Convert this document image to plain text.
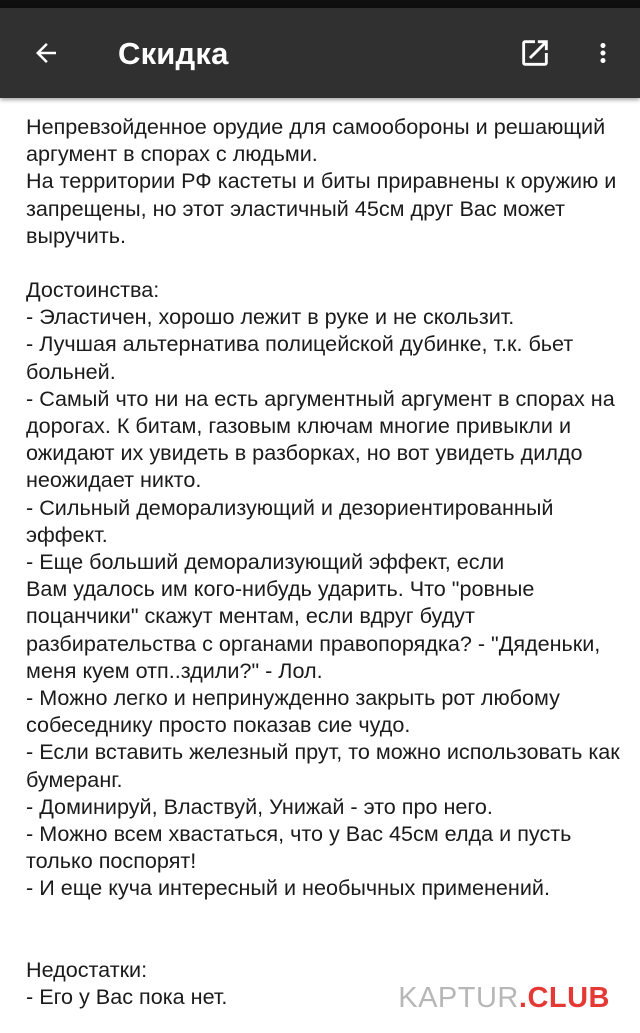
Скидка

Непревзойденное орудие для самообороны и решающий аргумент в спорах с людьми.
На территории РФ кастеты и биты приравнены к оружию и запрещены, но этот эластичный 45см друг Вас может выручить.

Достоинства:

- Эластичен, хорошо лежит в руке и не скользит.

- Лучшая альтернатива полицейской дубинке, т.к. бьет больней.

- Самый что ни на есть аргументный аргумент в спорах на дорогах. К битам, газовым ключам многие привыкли и ожидают их увидеть в разборках, но вот увидеть дилдо неожидает никто.

- Сильный деморализующий и дезориентированный эффект.

- Еще больший деморализующий эффект, если
Вам удалось им кого-нибудь ударить. Что "ровные поцанчики" скажут ментам, если вдруг будут разбирательства с органами правопорядка? - "Дяденьки, меня куем отп..здили?" - Лол.

- Можно легко и непринужденно закрыть рот любому собеседнику просто показав сие чудо.

- Если вставить железный прут, то можно использовать как бумеранг.

- Доминируй, Властвуй, Унижай - это про него.

- Можно всем хвастаться, что у Вас 45см елда и пусть только поспорят!

- И еще куча интересный и необычных применений.

Недостатки:

- Его у Вас пока нет.	KAPTUR.CLUB
